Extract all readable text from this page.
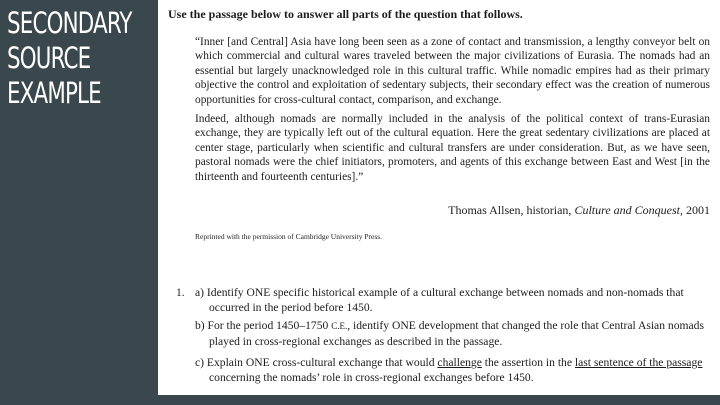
SECONDARY
SOURCE
EXAMPLE
Use the passage below to answer all parts of the question that follows.
“Inner [and Central] Asia have long been seen as a zone of contact and transmission, a lengthy conveyor belt on which commercial and cultural wares traveled between the major civilizations of Eurasia. The nomads had an essential but largely unacknowledged role in this cultural traffic. While nomadic empires had as their primary objective the control and exploitation of sedentary subjects, their secondary effect was the creation of numerous opportunities for cross-cultural contact, comparison, and exchange.
Indeed, although nomads are normally included in the analysis of the political context of trans-Eurasian exchange, they are typically left out of the cultural equation. Here the great sedentary civilizations are placed at center stage, particularly when scientific and cultural transfers are under consideration. But, as we have seen, pastoral nomads were the chief initiators, promoters, and agents of this exchange between East and West [in the thirteenth and fourteenth centuries].”
Thomas Allsen, historian, Culture and Conquest, 2001
Reprinted with the permission of Cambridge University Press.
1. a) Identify ONE specific historical example of a cultural exchange between nomads and non-nomads that occurred in the period before 1450.
b) For the period 1450–1750 C.E., identify ONE development that changed the role that Central Asian nomads played in cross-regional exchanges as described in the passage.
c) Explain ONE cross-cultural exchange that would challenge the assertion in the last sentence of the passage concerning the nomads’ role in cross-regional exchanges before 1450.
